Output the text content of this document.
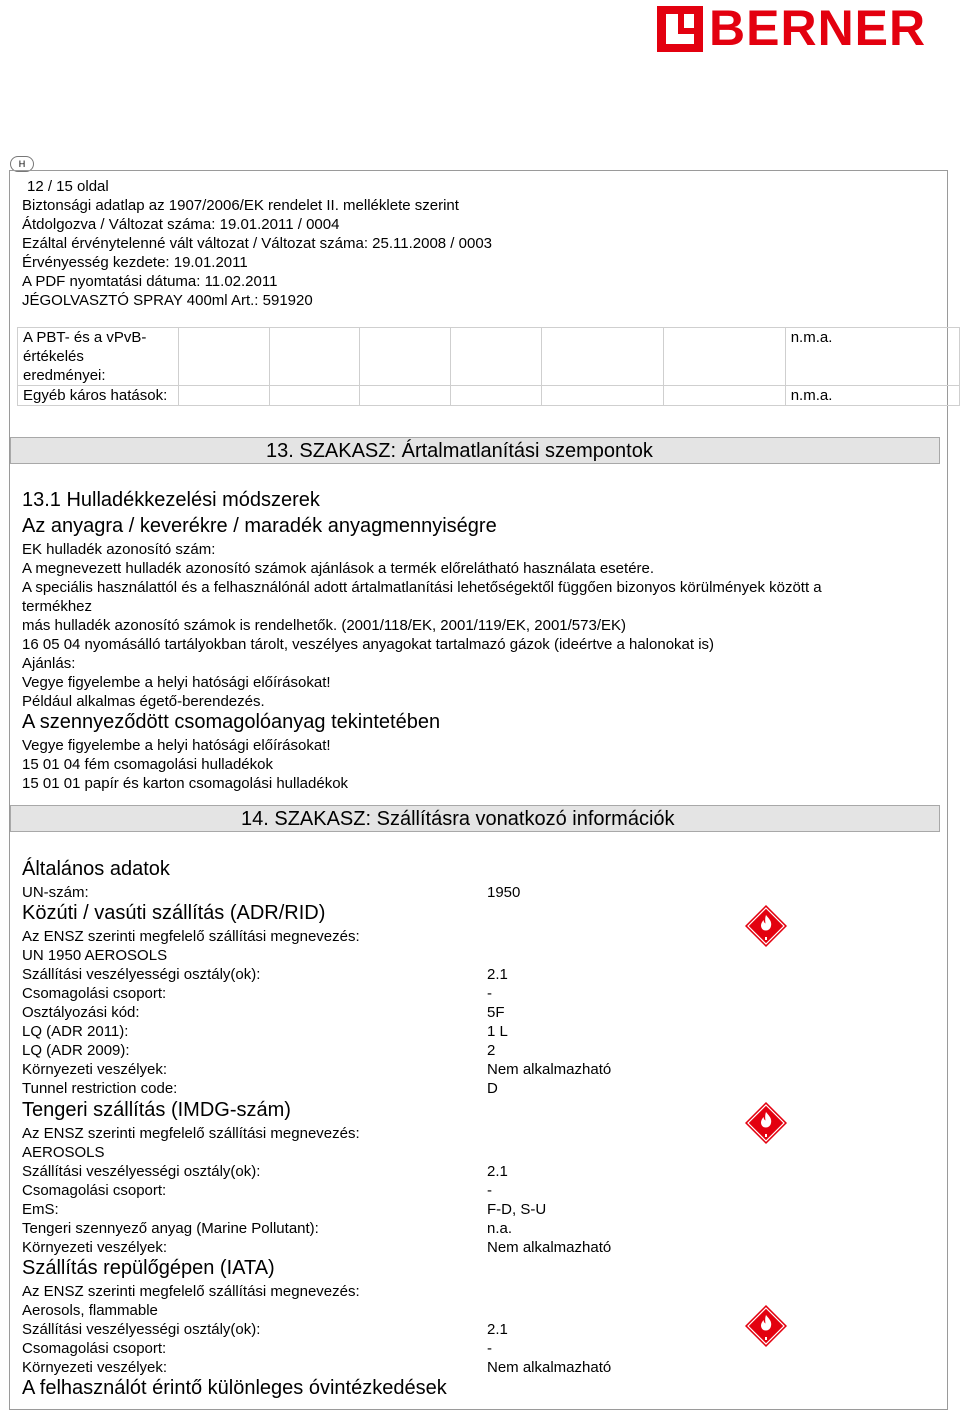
BERNER
H
12 / 15 oldal
Biztonsági adatlap az 1907/2006/EK rendelet II. melléklete szerint
Átdolgozva / Változat száma: 19.01.2011 / 0004
Ezáltal érvénytelenné vált változat / Változat száma: 25.11.2008 / 0003
Érvényesség kezdete: 19.01.2011
A PDF nyomtatási dátuma: 11.02.2011
JÉGOLVASZTÓ SPRAY 400ml Art.: 591920
A PBT- és a vPvB-értékelés eredményei:							n.m.a.
Egyéb káros hatások:							n.m.a.
13. SZAKASZ: Ártalmatlanítási szempontok
13.1 Hulladékkezelési módszerek
Az anyagra / keverékre / maradék anyagmennyiségre
EK hulladék azonosító szám:
A megnevezett hulladék azonosító számok ajánlások a termék előrelátható használata esetére.
A speciális használattól és a felhasználónál adott ártalmatlanítási lehetőségektől függően bizonyos körülmények között a
termékhez
más hulladék azonosító számok is rendelhetők. (2001/118/EK, 2001/119/EK, 2001/573/EK)
16 05 04 nyomásálló tartályokban tárolt, veszélyes anyagokat tartalmazó gázok (ideértve a halonokat is)
Ajánlás:
Vegye figyelembe a helyi hatósági előírásokat!
Például alkalmas égető-berendezés.
A szennyeződött csomagolóanyag tekintetében
Vegye figyelembe a helyi hatósági előírásokat!
15 01 04 fém csomagolási hulladékok
15 01 01 papír és karton csomagolási hulladékok
14. SZAKASZ: Szállításra vonatkozó információk
Általános adatok
UN-szám:	1950
Közúti / vasúti szállítás (ADR/RID)
Az ENSZ szerinti megfelelő szállítási megnevezés:
UN 1950 AEROSOLS
Szállítási veszélyességi osztály(ok):	2.1
Csomagolási csoport:	-
Osztályozási kód:	5F
LQ (ADR 2011):	1 L
LQ (ADR 2009):	2
Környezeti veszélyek:	Nem alkalmazható
Tunnel restriction code:	D
Tengeri szállítás (IMDG-szám)
Az ENSZ szerinti megfelelő szállítási megnevezés:
AEROSOLS
Szállítási veszélyességi osztály(ok):	2.1
Csomagolási csoport:	-
EmS:	F-D, S-U
Tengeri szennyező anyag (Marine Pollutant):	n.a.
Környezeti veszélyek:	Nem alkalmazható
Szállítás repülőgépen (IATA)
Az ENSZ szerinti megfelelő szállítási megnevezés:
Aerosols, flammable
Szállítási veszélyességi osztály(ok):	2.1
Csomagolási csoport:	-
Környezeti veszélyek:	Nem alkalmazható
A felhasználót érintő különleges óvintézkedések
